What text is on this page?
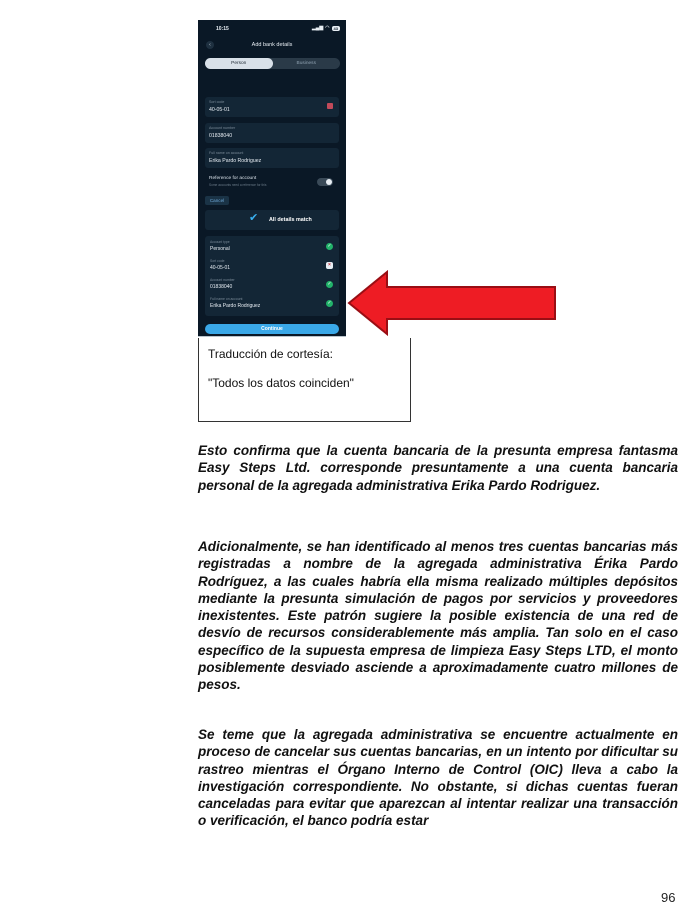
10:15	▂▄▆ ◠	43
‹	Add bank details
Person	Business
Sort code
40-05-01
Account number
01838040
Full name on account
Erika Pardo Rodriguez
Reference for account
Some accounts need a reference for this
Cancel
✔ All details match
Account type
Personal	✓
Sort code
40-05-01	×
Account number
01838040	✓
Full name on account
Erika Pardo Rodriguez	✓
Continue
Traducción de cortesía:
"Todos los datos coinciden"

Esto confirma que la cuenta bancaria de la presunta empresa fantasma Easy Steps Ltd. corresponde presuntamente a una cuenta bancaria personal de la agregada administrativa Erika Pardo Rodriguez.

Adicionalmente, se han identificado al menos tres cuentas bancarias más registradas a nombre de la agregada administrativa Érika Pardo Rodríguez, a las cuales habría ella misma realizado múltiples depósitos mediante la presunta simulación de pagos por servicios y proveedores inexistentes. Este patrón sugiere la posible existencia de una red de desvío de recursos considerablemente más amplia. Tan solo en el caso específico de la supuesta empresa de limpieza Easy Steps LTD, el monto posiblemente desviado asciende a aproximadamente cuatro millones de pesos.

Se teme que la agregada administrativa se encuentre actualmente en proceso de cancelar sus cuentas bancarias, en un intento por dificultar su rastreo mientras el Órgano Interno de Control (OIC) lleva a cabo la investigación correspondiente. No obstante, si dichas cuentas fueran canceladas para evitar que aparezcan al intentar realizar una transacción o verificación, el banco podría estar

96
